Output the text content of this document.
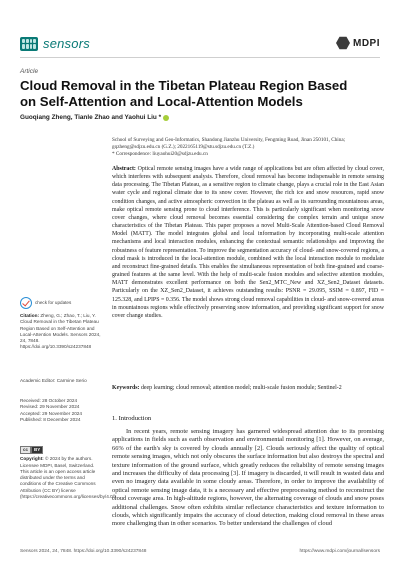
sensors	MDPI
Article
Cloud Removal in the Tibetan Plateau Region Based on Self-Attention and Local-Attention Models
Guoqiang Zheng, Tianle Zhao and Yaohui Liu *
School of Surveying and Geo-Informatics, Shandong Jianzhu University, Fengming Road, Jinan 250101, China;
gqzheng@sdjzu.edu.cn (G.Z.); 2022165119@stu.sdjzu.edu.cn (T.Z.)
* Correspondence: liuyaohui20@sdjzu.edu.cn
Abstract: Optical remote sensing images have a wide range of applications but are often affected by cloud cover, which interferes with subsequent analysis. Therefore, cloud removal has become indispensable in remote sensing data processing. The Tibetan Plateau, as a sensitive region to climate change, plays a crucial role in the East Asian water cycle and regional climate due to its snow cover. However, the rich ice and snow resources, rapid snow condition changes, and active atmospheric convection in the plateau as well as its surrounding mountainous areas, make optical remote sensing prone to cloud interference. This is particularly significant when monitoring snow cover changes, where cloud removal becomes essential considering the complex terrain and unique snow characteristics of the Tibetan Plateau. This paper proposes a novel Multi-Scale Attention-based Cloud Removal Model (MATT). The model integrates global and local information by incorporating multi-scale attention mechanisms and local interaction modules, enhancing the contextual semantic relationships and improving the robustness of feature representation. To improve the segmentation accuracy of cloud- and snow-covered regions, a cloud mask is introduced in the local-attention module, combined with the local interaction module to modulate and reconstruct fine-grained details. This enables the simultaneous representation of both fine-grained and coarse-grained features at the same level. With the help of multi-scale fusion modules and selective attention modules, MATT demonstrates excellent performance on both the Sen2_MTC_New and XZ_Sen2_Dataset datasets. Particularly on the XZ_Sen2_Dataset, it achieves outstanding results: PSNR = 29.095, SSIM = 0.897, FID = 125.328, and LPIPS = 0.356. The model shows strong cloud removal capabilities in cloud- and snow-covered areas in mountainous regions while effectively preserving snow information, and providing significant support for snow cover change studies.
Keywords: deep learning; cloud removal; attention model; multi-scale fusion module; Sentinel-2
1. Introduction
In recent years, remote sensing imagery has garnered widespread attention due to its promising applications in fields such as earth observation and environmental monitoring [1]. However, on average, 66% of the earth's sky is covered by clouds annually [2]. Clouds seriously affect the quality of optical remote sensing images, which not only obscures the surface information but also destroys the spectral and texture information of the ground surface, which greatly reduces the reliability of remote sensing images and increases the difficulty of data processing [3]. If imagery is discarded, it will result in wasted data and even no imagery data available in some cloudy areas. Therefore, in order to improve the availability of optical remote sensing image data, it is a necessary and effective preprocessing method to reconstruct the cloud coverage area. In high-altitude regions, however, the alternating coverage of clouds and snow poses additional challenges. Snow often exhibits similar reflectance characteristics and texture information to clouds, which significantly impairs the accuracy of cloud detection, making cloud removal in these areas more challenging than in other scenarios. To better understand the challenges of cloud
check for updates
Citation: Zheng, G.; Zhao, T.; Liu, Y. Cloud Removal in the Tibetan Plateau Region Based on Self-Attention and Local-Attention Models. Sensors 2024, 24, 7848. https://doi.org/10.3390/s24237848
Academic Editor: Carmine Serio
Received: 28 October 2024
Revised: 29 November 2024
Accepted: 29 November 2024
Published: 8 December 2024
cc	BY
Copyright: © 2024 by the authors. Licensee MDPI, Basel, Switzerland. This article is an open access article distributed under the terms and conditions of the Creative Commons Attribution (CC BY) license (https://creativecommons.org/licenses/by/4.0/).
Sensors 2024, 24, 7848. https://doi.org/10.3390/s24237848	https://www.mdpi.com/journal/sensors
